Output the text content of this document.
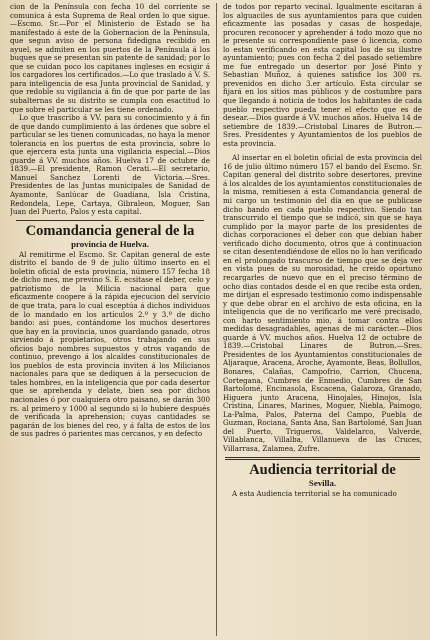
cion de la Península con fecha 10 del corriente se comunica á esta Suprema de Real orden lo que sigue.—Escmo. Sr.—Por el Ministerio de Estado se ha manifestado á este de la Gobernacion de la Península, que segun aviso de persona fidedigna recibido en ayuel, se admiten en los puertos de la Península á los buques que se presentan sin patente de sanidad; por lo que se cuidan poco los capitanes ingleses en ecsigir á los cargadores los certificados.—Lo que traslado á V. S. para inteligencia de esa Junta provincial de Sanidad, y que redoble su vigilancia á fin de que por parte de las subalternas de su distrito se cumpla con esactitud lo que sobre el particular se les tiene ordenado.

Lo que trascribo á VV. para su conocimiento y á fin de que dando cumplimiento á las órdenes que sobre el particular se les tienen comunicadas, no haya la menor tolerancia en los puertos de esta provincia, sobre lo que ejercera esta junta una vigilancia especial.—Dios guarde á VV. muchos años. Huelva 17 de octubre de 1839.—El presidente, Ramon Cerati.—El secretario, Manuel Sanchez Lorenti de Victoria.—Sres. Presidentes de las Juntas municipales de Sanidad de Ayamonte, Sanlúcar de Guadiana, Isla Cristina, Redondela, Lepe, Cartaya, Gibraleon, Moguer, San Juan del Puerto, Palos y esta capital.

Comandancia general de la
provincia de Huelva.

Al remitirme el Escmo. Sr. Capitan general de este distrito el bando de 9 de julio último inserto en el boletin oficial de esta provincia, número 157 fecha 18 de dicho mes, me previno S. E. ecsitase el deber, celo y patriotismo de la Milicia nacional para que eficazmente coopere á la rápida ejecucion del servicio de que trata, para lo cual esceptúa á dichos individuos de lo mandado en los artículos 2.º y 3.º de dicho bando: asi pues, contándome los muchos desertores que hay en la provincia, unos guardando ganado, otros sirviendo á propietarios, otros trabajando en sus oficios bajo nombres supuestos y otros vagando de continuo, prevengo á los alcaldes constitucionales de los pueblos de esta provincia inviten á los Milicianos nacionales para que se dediquen á la persecucion de tales hombres, en la inteligencia que por cada desertor que se aprehenda y delate, bien sea por dichos nacionales ó por cualquiera otro paisano, se darán 300 rs. al primero y 1000 al segundo si lo hubiere después de verificada la aprehension; cuyas cantidades se pagarán de los bienes del reo, y á falta de estos de los de sus padres ó parientes mas cercanos, y en defecto

de todos por reparto vecinal. Igualmente escitaran á los alguaciles de sus ayuntamientos para que cuiden eficazmente las posadas y casas de hospedaje, procuren reconocer y aprehender á todo mozo que no le presente su correspondiente pase ó licencia, como lo estan verificando en esta capital los de su ilustre ayuntamiento; pues con fecha 2 del pasado setiembre me fue entregado un desertor por José Pinto y Sebastian Muñoz, á quienes satisfice los 300 rs. prevenidos en dicho 3.er artículo. Esta circular se fijará en los sitios mas públicos y de costumbre para que llegando á noticia de todos los habitantes de cada pueblo respectivo pueda tener el efecto que es de desear.—Dios guarde á VV. muchos años. Huelva 14 de setiembre de 1839.—Cristobal Linares de Butron.—Sres. Presidentes y Ayuntamientos de los pueblos de esta provincia.

Al insertar en el boletin oficial de esta provincia del 16 de julio último número 157 el bando del Escmo. Sr. Capitan general del distrito sobre desertores, previne á los alcaldes de los ayuntamientos constitucionales de la misma, remitiesen á esta Comandancia general de mi cargo un testimonio del dia en que se publicase dicho bando en cada pueblo respectivo. Siendo tan transcurrido el tiempo que se indicó, sin que se haya cumplido por la mayor parte de los presidentes de dichas corporaciones el deber con que debian haber verificado dicho documento, otros que á continuacion se citan desentendiéndose de ellos no lo han verificado en el prolongado trascurso de tiempo que se deja ver en vista pues de su morosidad, he creido oportuno recargarles de nuevo que en el preciso término de ocho dias contados desde el en que recibe esta orden, me dirijan el espresado testimonio como indispensable y que debe obrar en el archivo de esta oficina, en la inteligencia que de no verificarlo me veré precisado, con harto sentimiento mio, á tomar contra ellos medidas desagradables, agenas de mi carácter.—Dios guarde á VV. muchos años. Huelva 12 de octubre de 1839.—Cristobal Linares de Butron.—Sres. Presidentes de los Ayuntamientos constitucionales de Aljaraque, Aracena, Aroche, Ayamonte, Beas, Bollullos, Bonares, Calañas, Campofrio, Carrion, Chucena, Cortegana, Cumbres de Enmedio, Cumbres de San Bartolomé, Encinasola, Escacena, Galaroza, Granado, Higuera junto Aracena, Hinojales, Hinojos, Isla Cristina, Linares, Marines, Moguer, Niebla, Paimogo, La-Palma, Palos, Paterna del Campo, Puebla de Guzman, Rociana, Santa Ana, San Bartolomé, San Juan del Puerto, Trigueros, Valdelarco, Valverde, Villablanca, Villalba, Villanueva de las Cruces, Villarrasa, Zalamea, Zufre.

Audiencia territorial de
Sevilla.

A esta Audiencia territorial se ha comunicado
